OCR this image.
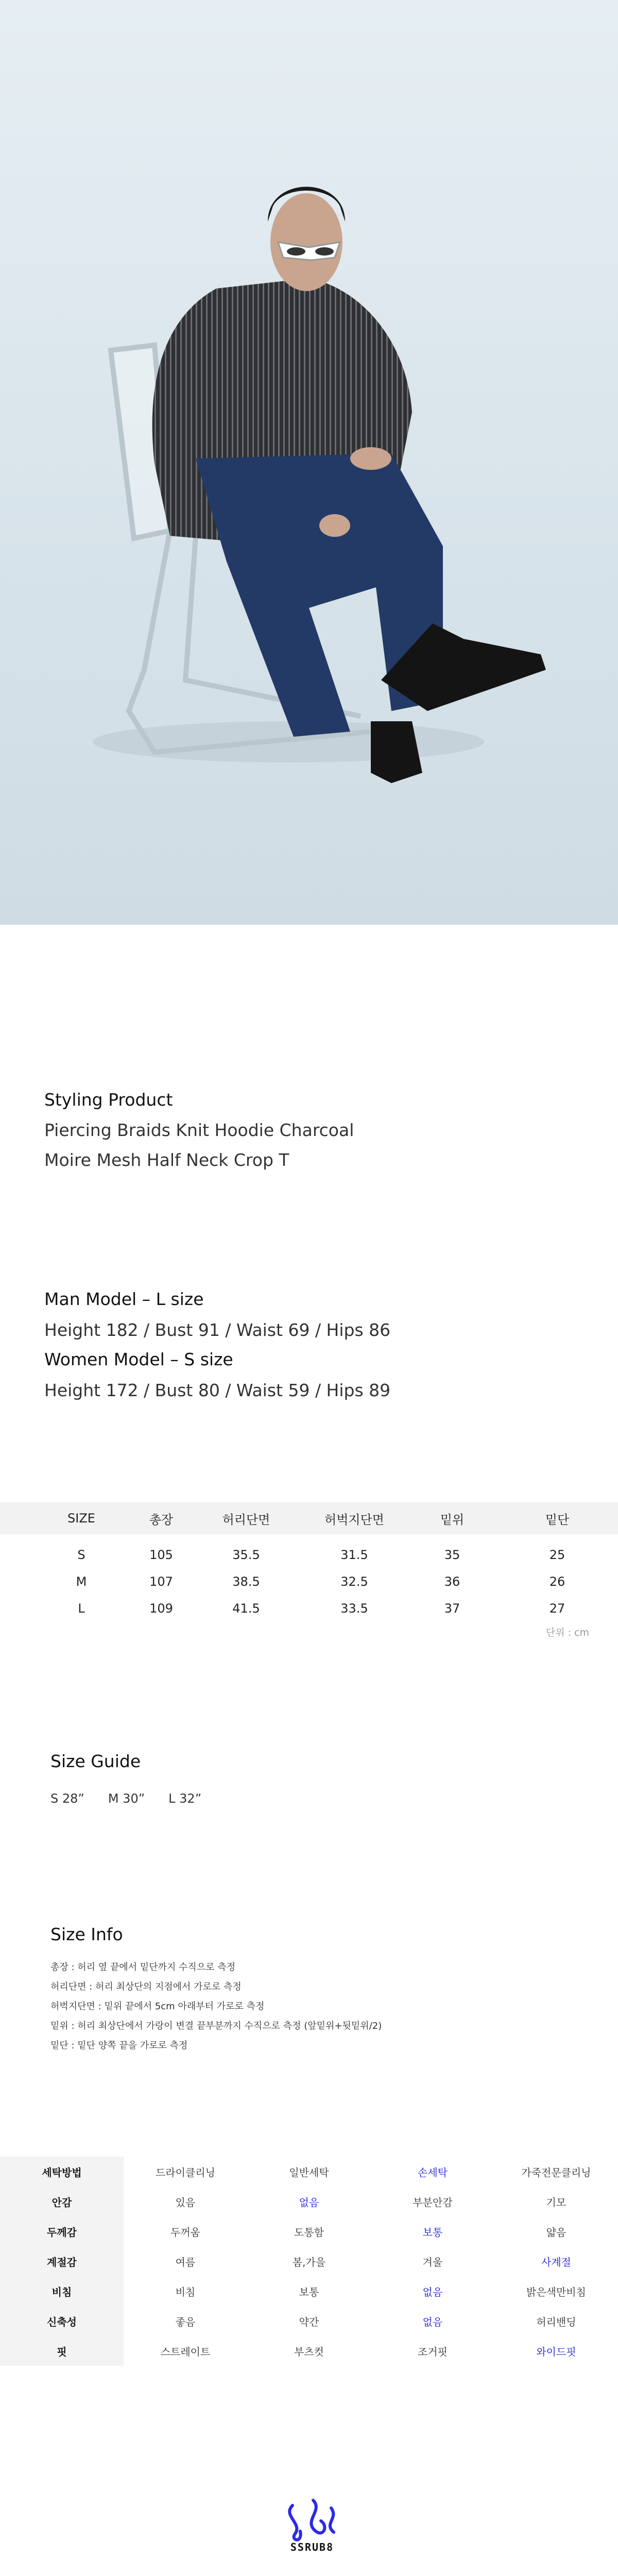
Styling Product
Piercing Braids Knit Hoodie Charcoal
Moire Mesh Half Neck Crop T
Man Model – L size
Height 182 / Bust 91 / Waist 69 / Hips 86
Women Model – S size
Height 172 / Bust 80 / Waist 59 / Hips 89
SIZE	총장	허리단면	허벅지단면	밑위	밑단
S	105	35.5	31.5	35	25
M	107	38.5	32.5	36	26
L	109	41.5	33.5	37	27
단위 : cm
Size Guide
S 28” M 30” L 32”
Size Info
총장 : 허리 옆 끝에서 밑단까지 수직으로 측정
허리단면 : 허리 최상단의 지점에서 가로로 측정
허벅지단면 : 밑위 끝에서 5cm 아래부터 가로로 측정
밑위 : 허리 최상단에서 가랑이 변결 끝부분까지 수직으로 측정 (앞밑위+뒷밑위/2)
밑단 : 밑단 양쪽 끝을 가로로 측정
세탁방법	드라이클리닝	일반세탁	손세탁	가죽전문클리닝
안감	있음	없음	부분안감	기모
두께감	두꺼움	도통함	보통	얇음
계절감	여름	봄,가을	겨울	사계절
비침	비침	보통	없음	밝은색만비침
신축성	좋음	약간	없음	허리밴딩
핏	스트레이트	부츠컷	조거핏	와이드핏
SSRUB8
